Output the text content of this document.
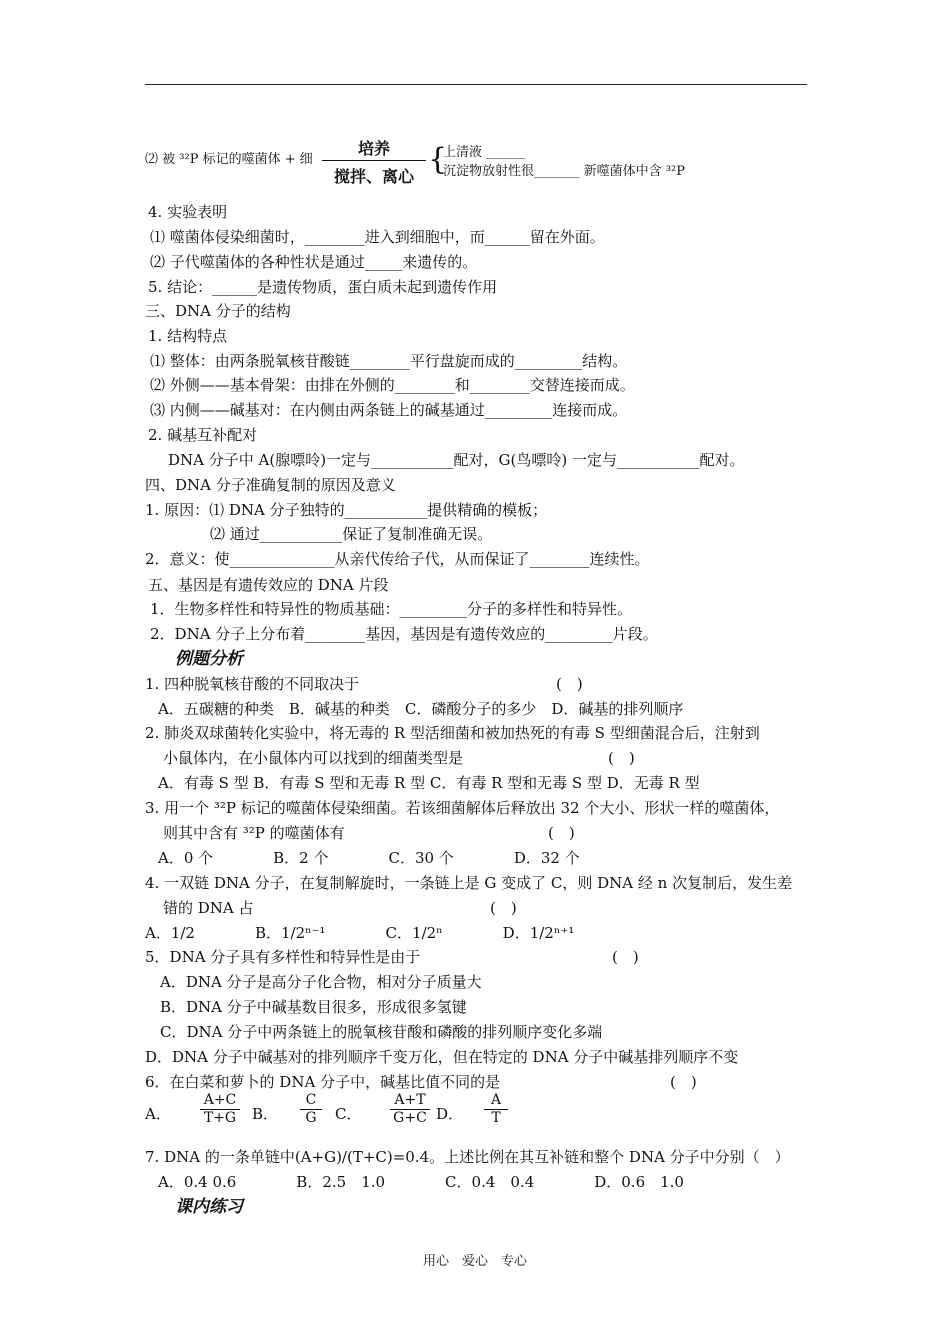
⑵ 被 ³²P 标记的噬菌体 + 细
培养
搅拌、离心 {
上清液 ______
沉淀物放射性很_______ 新噬菌体中含 ³²P
4. 实验表明
⑴ 噬菌体侵染细菌时，________进入到细胞中，而______留在外面。
⑵ 子代噬菌体的各种性状是通过_____来遗传的。
5. 结论：______是遗传物质，蛋白质未起到遗传作用
三、DNA 分子的结构
1. 结构特点
⑴ 整体：由两条脱氧核苷酸链________平行盘旋而成的_________结构。
⑵ 外侧——基本骨架：由排在外侧的________和________交替连接而成。
⑶ 内侧——碱基对：在内侧由两条链上的碱基通过_________连接而成。
2. 碱基互补配对
DNA 分子中 A(腺嘌呤)一定与___________配对，G(鸟嘌呤) 一定与___________配对。
四、DNA 分子准确复制的原因及意义
1. 原因：⑴ DNA 分子独特的___________提供精确的模板；
⑵ 通过___________保证了复制准确无误。
2．意义：使______________从亲代传给子代，从而保证了________连续性。
五、基因是有遗传效应的 DNA 片段
1．生物多样性和特异性的物质基础：_________分子的多样性和特异性。
2．DNA 分子上分布着________基因，基因是有遗传效应的_________片段。
例题分析
1. 四种脱氧核苷酸的不同取决于	(　)
A．五碳糖的种类　B．碱基的种类　C．磷酸分子的多少　D．碱基的排列顺序
2. 肺炎双球菌转化实验中，将无毒的 R 型活细菌和被加热死的有毒 S 型细菌混合后，注射到
小鼠体内，在小鼠体内可以找到的细菌类型是	(　)
A．有毒 S 型 B．有毒 S 型和无毒 R 型 C．有毒 R 型和无毒 S 型 D．无毒 R 型
3. 用一个 ³²P 标记的噬菌体侵染细菌。若该细菌解体后释放出 32 个大小、形状一样的噬菌体，
则其中含有 ³²P 的噬菌体有	(　)
A．0 个　　　　B．2 个　　　　C．30 个　　　　D．32 个
4. 一双链 DNA 分子，在复制解旋时，一条链上是 G 变成了 C，则 DNA 经 n 次复制后，发生差
错的 DNA 占	(　)
A．1/2　　　　B．1/2ⁿ⁻¹　　　　C．1/2ⁿ　　　　D．1/2ⁿ⁺¹
5．DNA 分子具有多样性和特异性是由于	(　)
A．DNA 分子是高分子化合物，相对分子质量大
B．DNA 分子中碱基数目很多，形成很多氢键
C．DNA 分子中两条链上的脱氧核苷酸和磷酸的排列顺序变化多端
D．DNA 分子中碱基对的排列顺序千变万化，但在特定的 DNA 分子中碱基排列顺序不变
6．在白菜和萝卜的 DNA 分子中，碱基比值不同的是	(　)
A． $\frac{A+C}{T+G}$ B． $\frac{C}{G}$ C． $\frac{A+T}{G+C}$ D． $\frac{A}{T}$
7. DNA 的一条单链中(A+G)/(T+C)=0.4。上述比例在其互补链和整个 DNA 分子中分别（　）
A．0.4 0.6　　　　B．2.5　1.0　　　　C．0.4　0.4　　　　D．0.6　1.0
课内练习
用心　爱心　专心
